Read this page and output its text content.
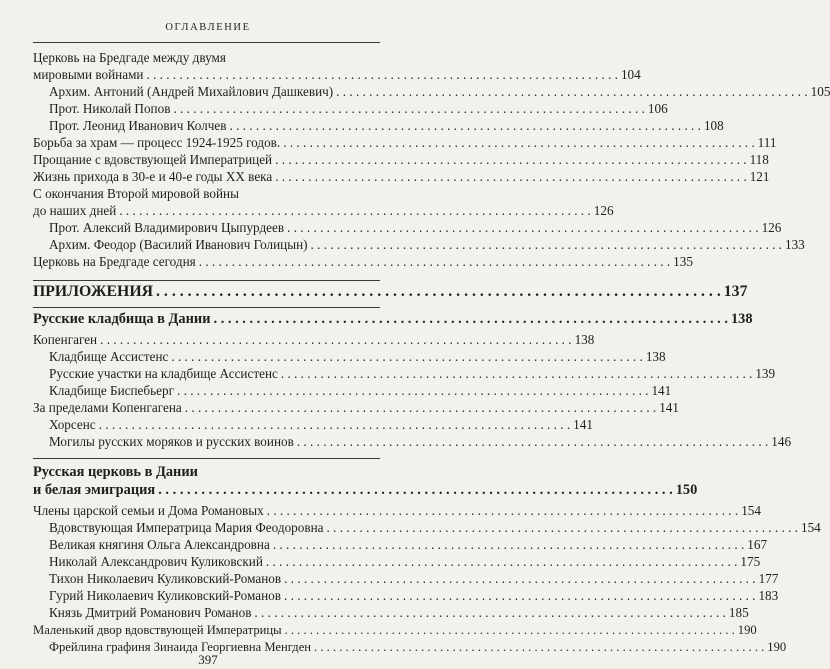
ОГЛАВЛЕНИЕ
Церковь на Бредгаде между двумя
мировыми войнами . . .	104
Архим. Антоний (Андрей Михайлович Дашкевич) . . .	105
Прот. Николай Попов . . .	106
Прот. Леонид Иванович Колчев . . .	108
Борьба за храм — процесс 1924-1925 годов. . . .	111
Прощание с вдовствующей Императрицей . . .	118
Жизнь прихода в 30-е и 40-е годы XX века . . .	121
С окончания Второй мировой войны
до наших дней . . .	126
Прот. Алексий Владимирович Цыпурдеев . . .	126
Архим. Феодор (Василий Иванович Голицын) . . .	133
Церковь на Бредгаде сегодня . . .	135
ПРИЛОЖЕНИЯ . . .	137
Русские кладбища в Дании . . .	138
Копенгаген . . .	138
Кладбище Ассистенс . . .	138
Русские участки на кладбище Ассистенс . . .	139
Кладбище Биспебьерг . . .	141
За пределами Копенгагена . . .	141
Хорсенс . . .	141
Могилы русских моряков и русских воинов . . .	146
Русская церковь в Дании
и белая эмиграция . . .	150
Члены царской семьи и Дома Романовых . . .	154
Вдовствующая Императрица Мария Феодоровна . . .	154
Великая княгиня Ольга Александровна . . .	167
Николай Александрович Куликовский . . .	175
Тихон Николаевич Куликовский-Романов . . .	177
Гурий Николаевич Куликовский-Романов . . .	183
Князь Дмитрий Романович Романов . . .	185
Маленький двор вдовствующей Императрицы . . .	190
Фрейлина графиня Зинаида Георгиевна Менгден . . .	190
397
